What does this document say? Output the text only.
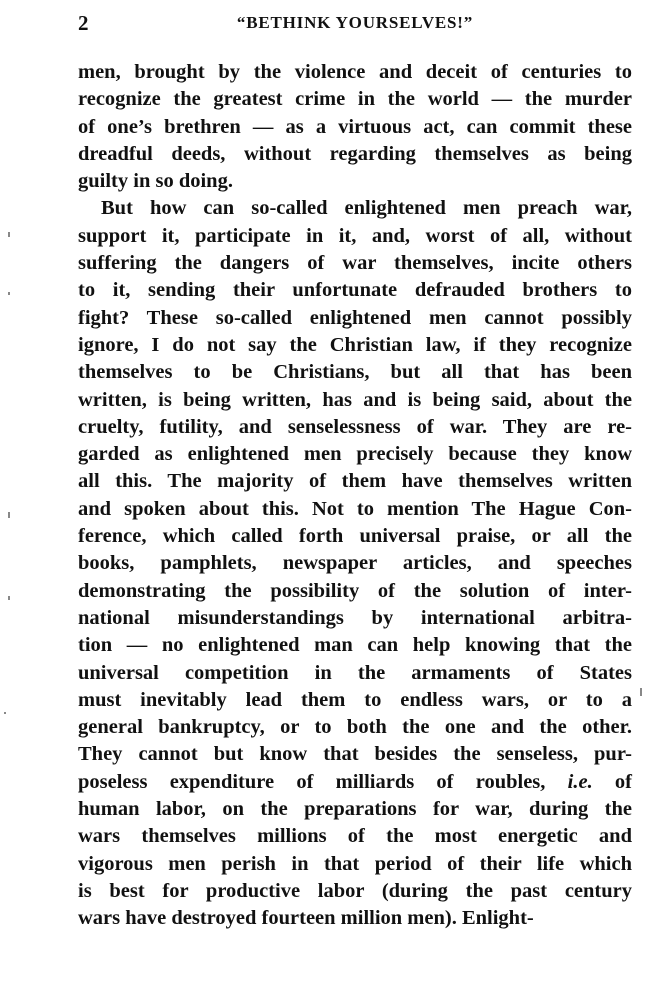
2	“BETHINK YOURSELVES!”
men, brought by the violence and deceit of centuries to
recognize the greatest crime in the world — the murder
of one’s brethren — as a virtuous act, can commit these
dreadful deeds, without regarding themselves as being
guilty in so doing.
But how can so-called enlightened men preach war,
support it, participate in it, and, worst of all, without
suffering the dangers of war themselves, incite others
to it, sending their unfortunate defrauded brothers to
fight? These so-called enlightened men cannot possibly
ignore, I do not say the Christian law, if they recognize
themselves to be Christians, but all that has been
written, is being written, has and is being said, about the
cruelty, futility, and senselessness of war. They are re-
garded as enlightened men precisely because they know
all this. The majority of them have themselves written
and spoken about this. Not to mention The Hague Con-
ference, which called forth universal praise, or all the
books, pamphlets, newspaper articles, and speeches
demonstrating the possibility of the solution of inter-
national misunderstandings by international arbitra-
tion — no enlightened man can help knowing that the
universal competition in the armaments of States
must inevitably lead them to endless wars, or to a
general bankruptcy, or to both the one and the other.
They cannot but know that besides the senseless, pur-
poseless expenditure of milliards of roubles, i.e. of
human labor, on the preparations for war, during the
wars themselves millions of the most energetic and
vigorous men perish in that period of their life which
is best for productive labor (during the past century
wars have destroyed fourteen million men). Enlight-
